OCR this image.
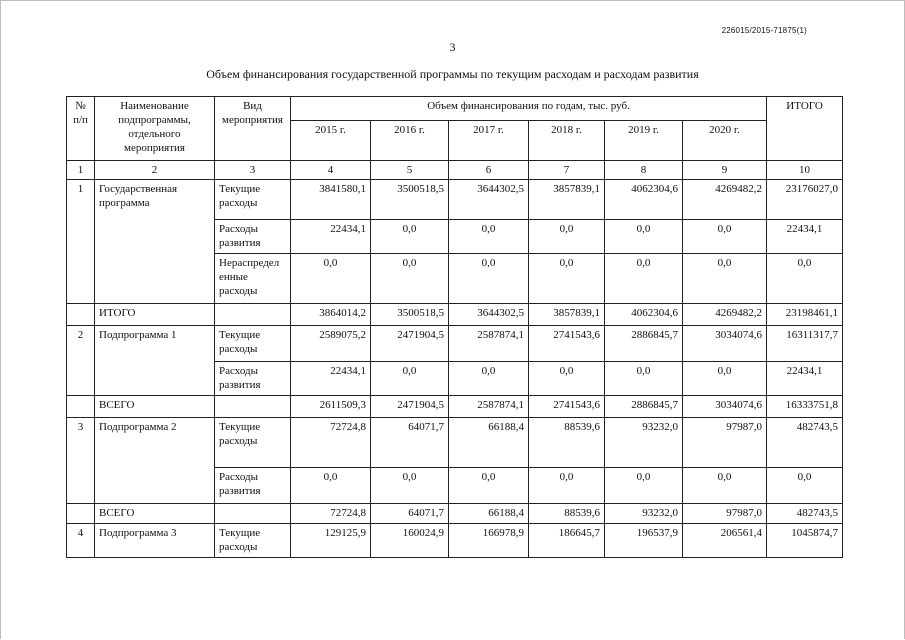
226015/2015-71875(1)
3
Объем финансирования государственной программы по текущим расходам и расходам развития
№ п/п	Наименование подпрограммы, отдельного мероприятия	Вид мероприятия	Объем финансирования по годам, тыс. руб.						ИТОГО
			2015 г.	2016 г.	2017 г.	2018 г.	2019 г.	2020 г.	
1	2	3	4	5	6	7	8	9	10
1	Государственная программа	Текущие расходы	3841580,1	3500518,5	3644302,5	3857839,1	4062304,6	4269482,2	23176027,0
		Расходы развития	22434,1	0,0	0,0	0,0	0,0	0,0	22434,1
		Нераспредел енные расходы	0,0	0,0	0,0	0,0	0,0	0,0	0,0
	ИТОГО		3864014,2	3500518,5	3644302,5	3857839,1	4062304,6	4269482,2	23198461,1
2	Подпрограмма 1	Текущие расходы	2589075,2	2471904,5	2587874,1	2741543,6	2886845,7	3034074,6	16311317,7
		Расходы развития	22434,1	0,0	0,0	0,0	0,0	0,0	22434,1
	ВСЕГО		2611509,3	2471904,5	2587874,1	2741543,6	2886845,7	3034074,6	16333751,8
3	Подпрограмма 2	Текущие расходы	72724,8	64071,7	66188,4	88539,6	93232,0	97987,0	482743,5
		Расходы развития	0,0	0,0	0,0	0,0	0,0	0,0	0,0
	ВСЕГО		72724,8	64071,7	66188,4	88539,6	93232,0	97987,0	482743,5
4	Подпрограмма 3	Текущие расходы	129125,9	160024,9	166978,9	186645,7	196537,9	206561,4	1045874,7
